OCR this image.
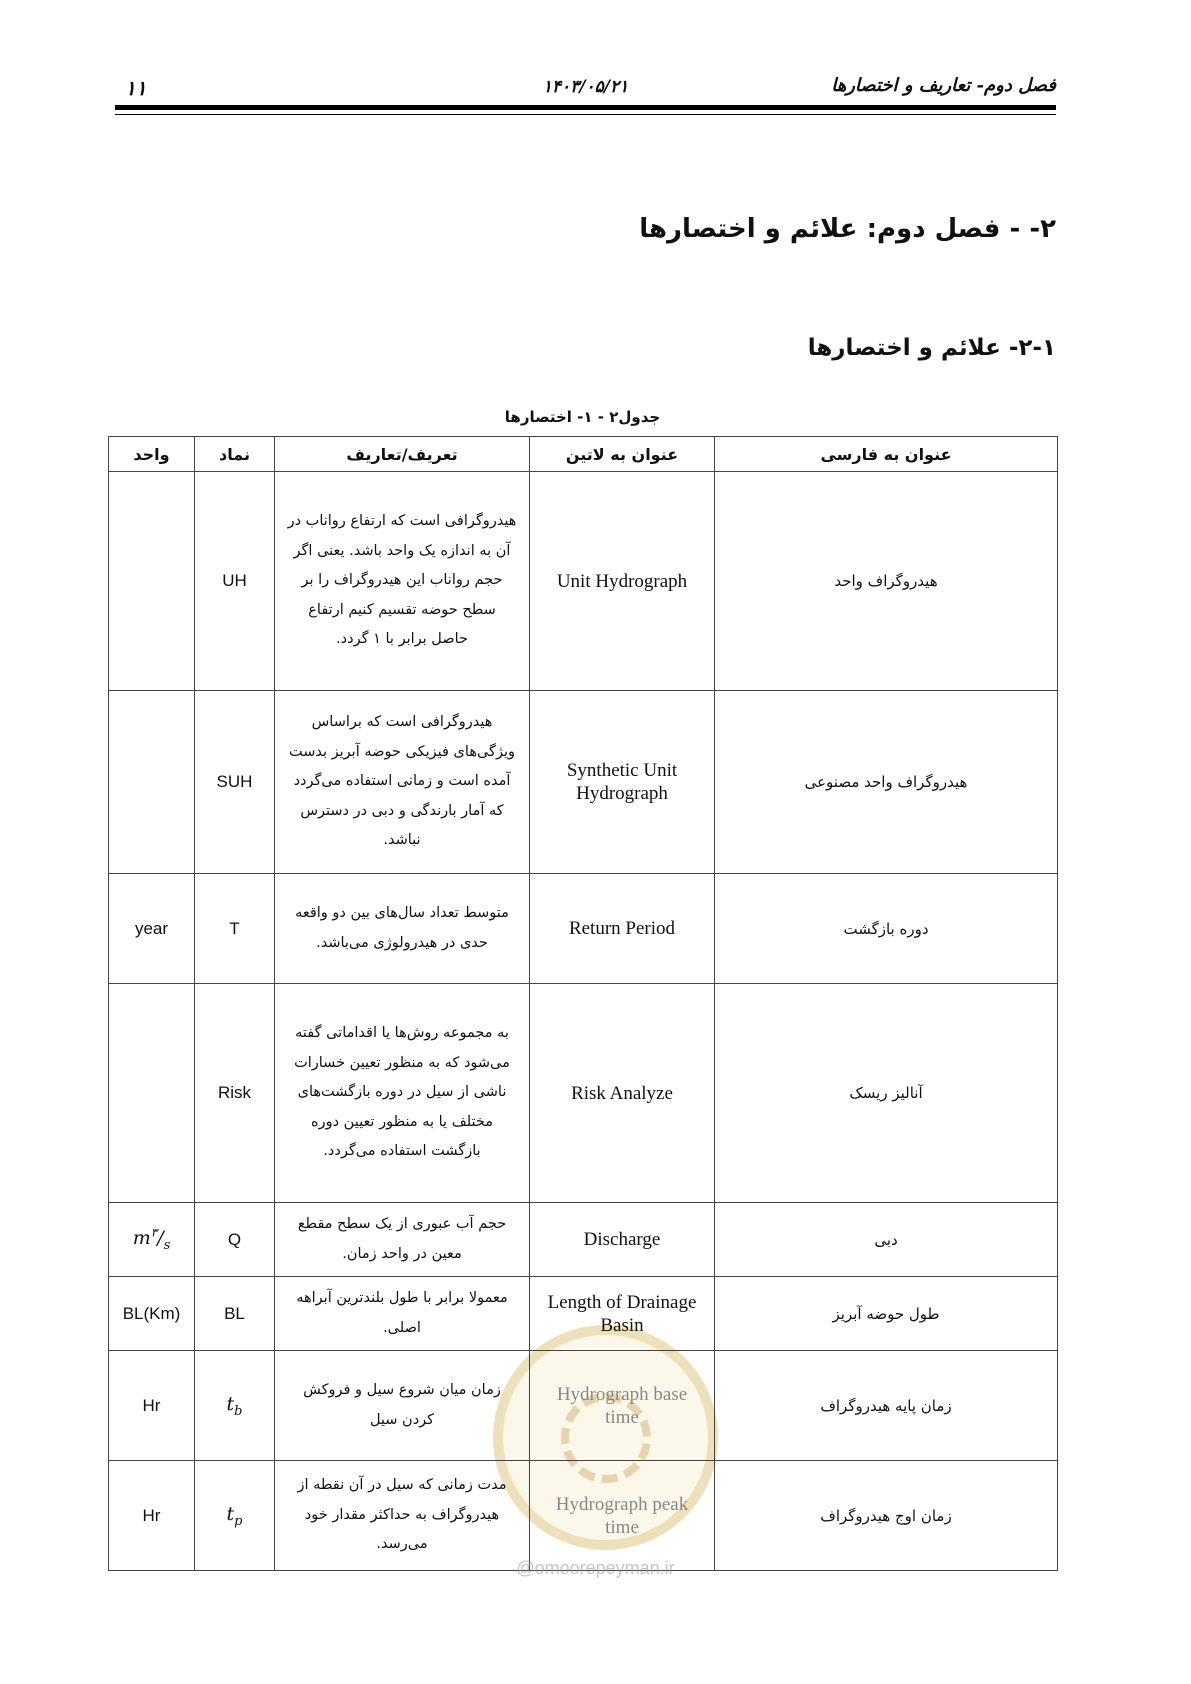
۱۱	۱۴۰۳/۰۵/۲۱	فصل دوم- تعاریف و اختصارها
۲- - فصل دوم: علائم و اختصارها
۲-۱- علائم و اختصارها
جدول۲ - ۱- اختصارها
واحد	نماد	تعریف/تعاریف	عنوان به لاتین	عنوان به فارسی
	UH	هیدروگرافی است که ارتفاع رواناب در
آن به اندازه یک واحد باشد. یعنی اگر
حجم رواناب این هیدروگراف را بر
سطح حوضه تقسیم کنیم ارتفاع
حاصل برابر با ۱ گردد.	Unit Hydrograph	هیدروگراف واحد
	SUH	هیدروگرافی است که براساس
ویژگی‌های فیزیکی حوضه آبریز بدست
آمده است و زمانی استفاده می‌گردد
که آمار بارندگی و دبی در دسترس
نباشد.	Synthetic Unit
Hydrograph	هیدروگراف واحد مصنوعی
year	T	متوسط تعداد سال‌های بین دو واقعه
حدی در هیدرولوژی می‌باشد.	Return Period	دوره بازگشت
	Risk	به مجموعه روش‌ها یا اقداماتی گفته
می‌شود که به منظور تعیین خسارات
ناشی از سیل در دوره بازگشت‌های
مختلف یا به منظور تعیین دوره
بازگشت استفاده می‌گردد.	Risk Analyze	آنالیز ریسک
$m^۳/_s$	Q	حجم آب عبوری از یک سطح مقطع
معین در واحد زمان.	Discharge	دبی
BL(Km)	BL	معمولا برابر با طول بلندترین آبراهه
اصلی.	Length of Drainage
Basin	طول حوضه آبریز
Hr	$t_b$	زمان میان شروع سیل و فروکش
کردن سیل	Hydrograph base
time	زمان پایه هیدروگراف
Hr	$t_p$	مدت زمانی که سیل در آن نقطه از
هیدروگراف به حداکثر مقدار خود
می‌رسد.	Hydrograph peak
time	زمان اوج هیدروگراف
@omoorepeyman.ir
